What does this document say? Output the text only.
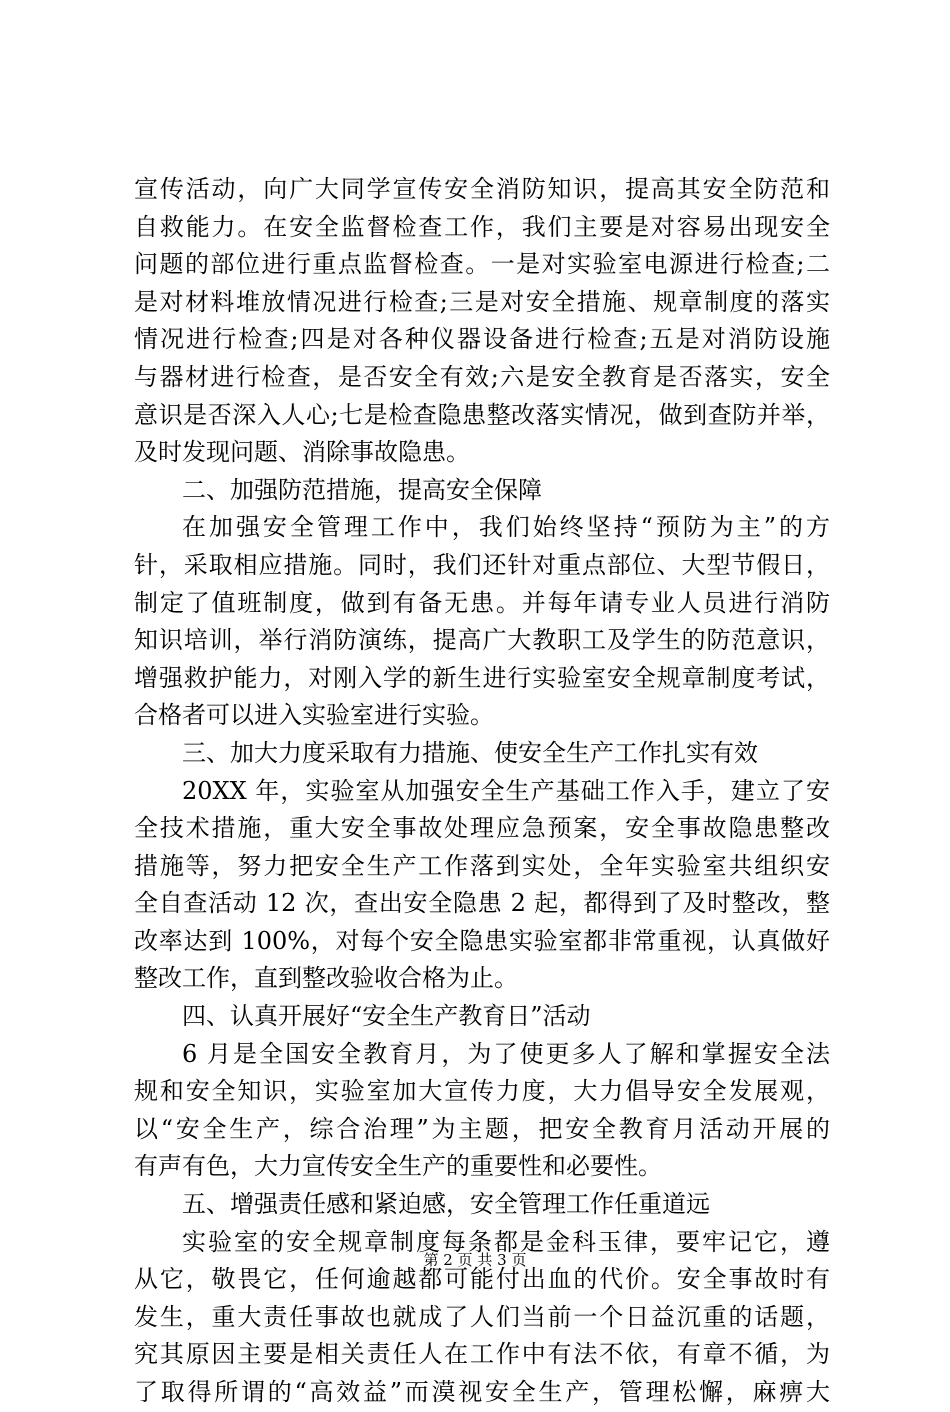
宣传活动，向广大同学宣传安全消防知识，提高其安全防范和
自救能力。在安全监督检查工作，我们主要是对容易出现安全
问题的部位进行重点监督检查。一是对实验室电源进行检查;二
是对材料堆放情况进行检查;三是对安全措施、规章制度的落实
情况进行检查;四是对各种仪器设备进行检查;五是对消防设施
与器材进行检查，是否安全有效;六是安全教育是否落实，安全
意识是否深入人心;七是检查隐患整改落实情况，做到查防并举，
及时发现问题、消除事故隐患。
二、加强防范措施，提高安全保障
在加强安全管理工作中，我们始终坚持“预防为主”的方
针，采取相应措施。同时，我们还针对重点部位、大型节假日，
制定了值班制度，做到有备无患。并每年请专业人员进行消防
知识培训，举行消防演练，提高广大教职工及学生的防范意识，
增强救护能力，对刚入学的新生进行实验室安全规章制度考试，
合格者可以进入实验室进行实验。
三、加大力度采取有力措施、使安全生产工作扎实有效
20XX 年，实验室从加强安全生产基础工作入手，建立了安
全技术措施，重大安全事故处理应急预案，安全事故隐患整改
措施等，努力把安全生产工作落到实处，全年实验室共组织安
全自查活动 12 次，查出安全隐患 2 起，都得到了及时整改，整
改率达到 100%，对每个安全隐患实验室都非常重视，认真做好
整改工作，直到整改验收合格为止。
四、认真开展好“安全生产教育日”活动
6 月是全国安全教育月，为了使更多人了解和掌握安全法
规和安全知识，实验室加大宣传力度，大力倡导安全发展观，
以“安全生产，综合治理”为主题，把安全教育月活动开展的
有声有色，大力宣传安全生产的重要性和必要性。
五、增强责任感和紧迫感，安全管理工作任重道远
实验室的安全规章制度每条都是金科玉律，要牢记它，遵
从它，敬畏它，任何逾越都可能付出血的代价。安全事故时有
发生，重大责任事故也就成了人们当前一个日益沉重的话题，
究其原因主要是相关责任人在工作中有法不依，有章不循，为
了取得所谓的“高效益”而漠视安全生产，管理松懈，麻痹大
第 2 页 共 3 页
